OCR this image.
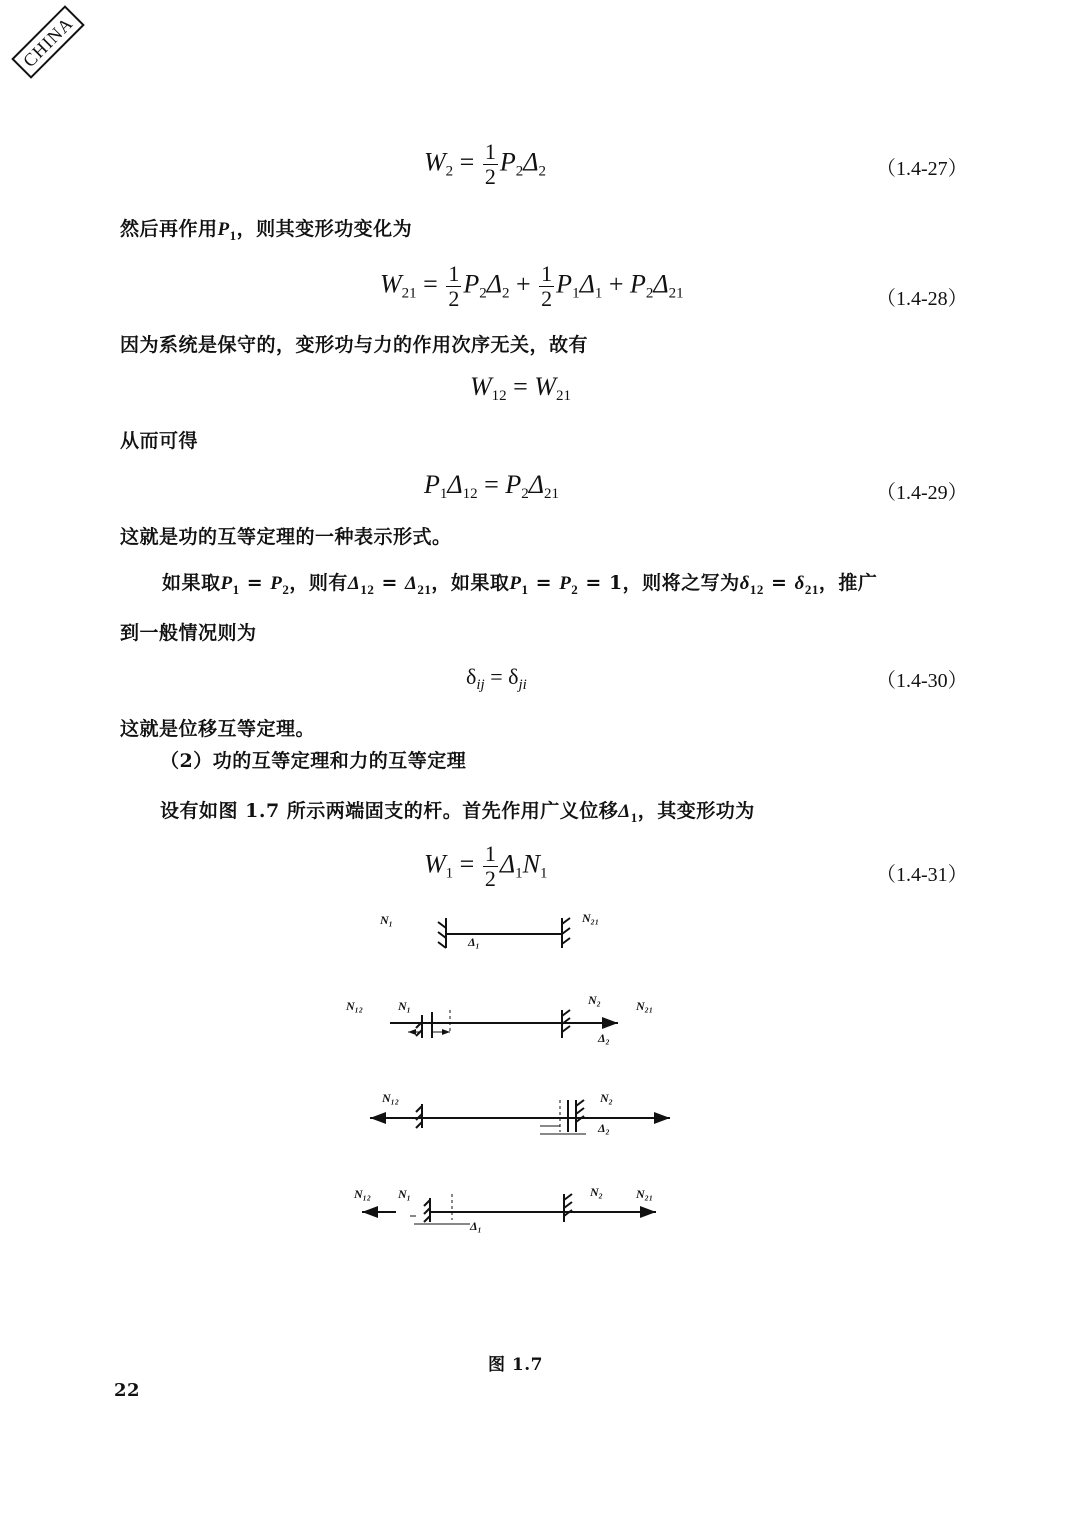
CHINA
$W_2 = \frac{1}{2} P_2\Delta_2$	（1.4-27）
然后再作用$P_1$，则其变形功变化为
$W_{21} = \frac{1}{2} P_2\Delta_2 + \frac{1}{2} P_1\Delta_1 + P_2\Delta_{21}$	（1.4-28）
因为系统是保守的，变形功与力的作用次序无关，故有
$W_{12} = W_{21}$
从而可得
$P_1\Delta_{12} = P_2\Delta_{21}$	（1.4-29）
这就是功的互等定理的一种表示形式。
如果取$P_1 = P_2$，则有$\Delta_{12} = \Delta_{21}$，如果取$P_1 = P_2 = 1$，则将之写为$\delta_{12} = \delta_{21}$，推广
到一般情况则为
$\delta_{ij} = \delta_{ji}$	（1.4-30）
这就是位移互等定理。
（2）功的互等定理和力的互等定理
设有如图 1.7 所示两端固支的杆。首先作用广义位移$\Delta_1$，其变形功为
$W_1 = \frac{1}{2} \Delta_1N_1$	（1.4-31）
N₁	N₂₁
Δ₁
N₁₂	N₁	N₂	N₂₁
Δ₂
N₁₂	N₂
Δ₂
N₁₂ N₁	N₂	N₂₁
Δ₁
图 1.7
22
